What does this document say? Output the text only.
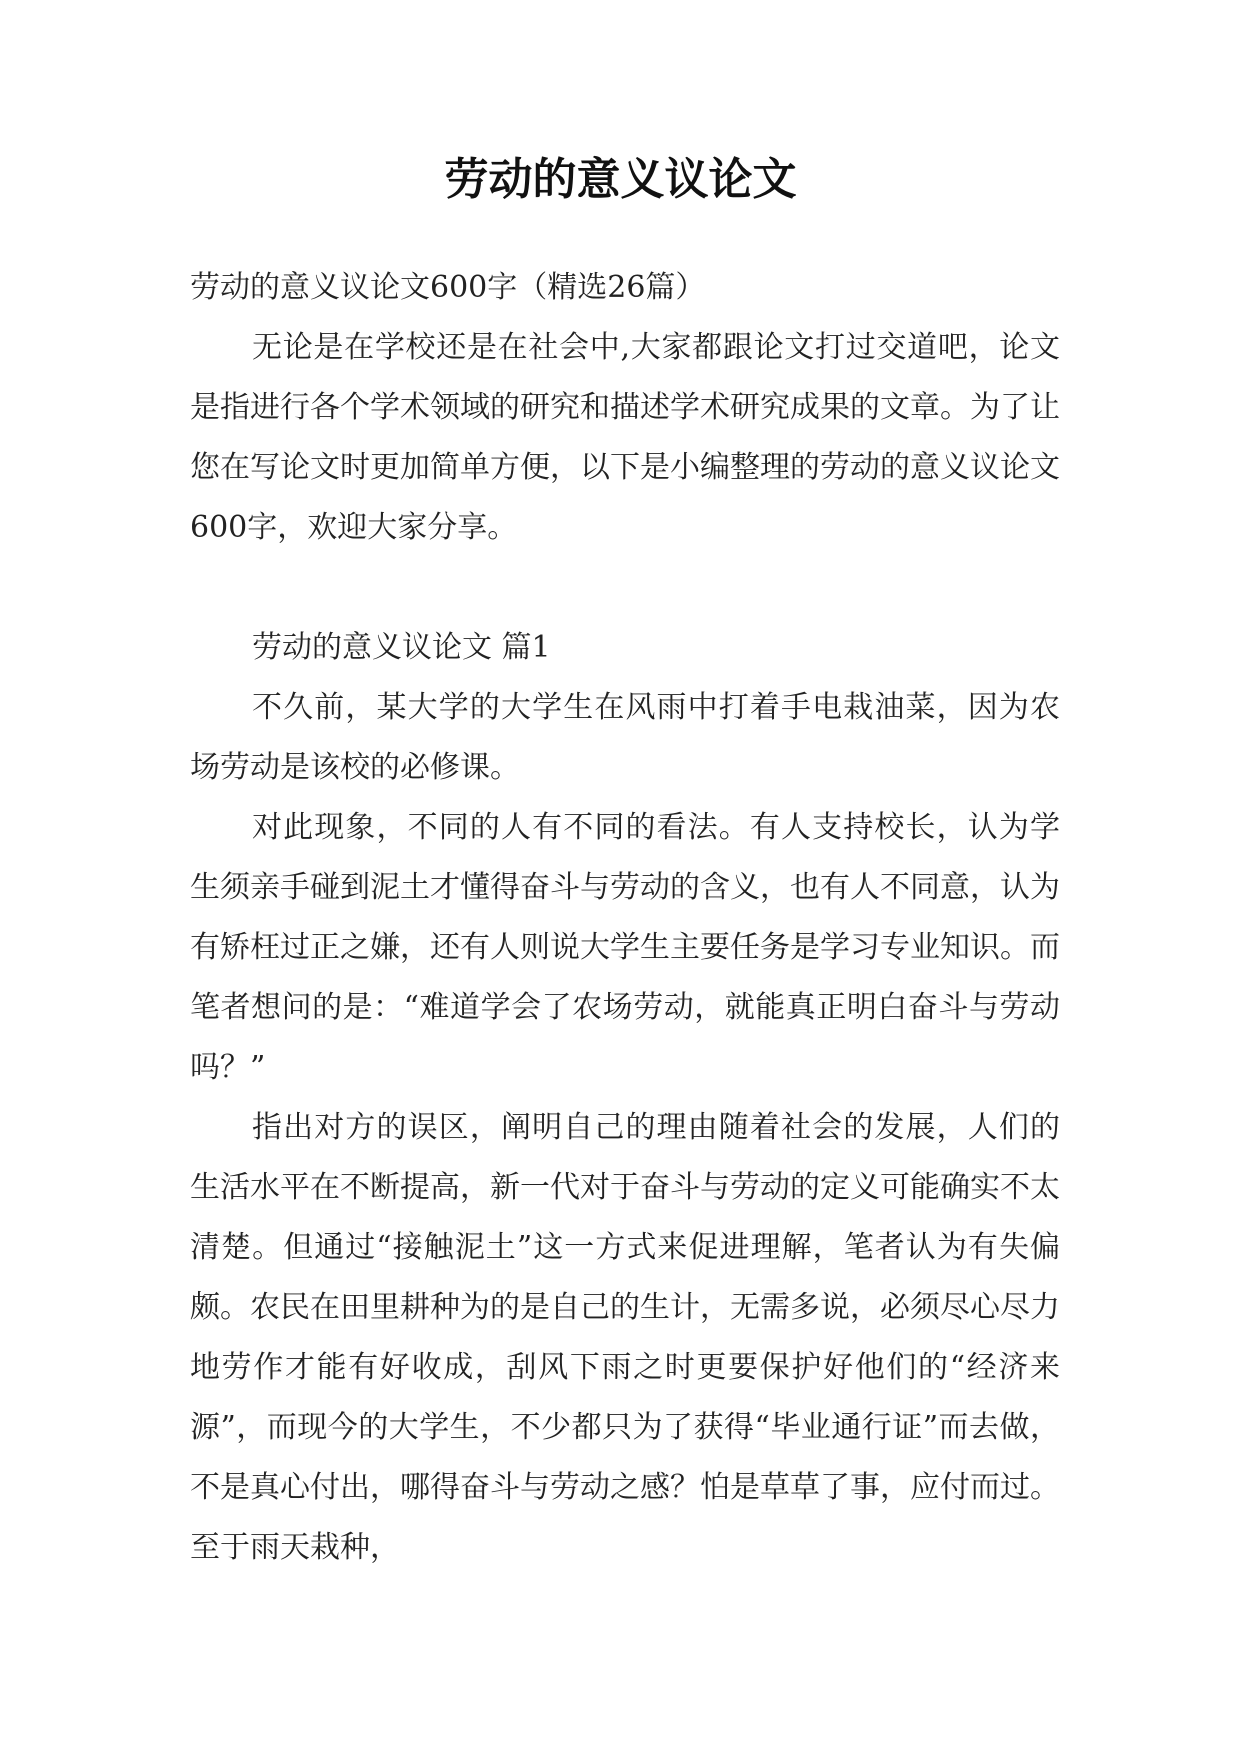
劳动的意义议论文

劳动的意义议论文600字（精选26篇）

无论是在学校还是在社会中,大家都跟论文打过交道吧，论文是指进行各个学术领域的研究和描述学术研究成果的文章。为了让您在写论文时更加简单方便，以下是小编整理的劳动的意义议论文600字，欢迎大家分享。

劳动的意义议论文 篇1

不久前，某大学的大学生在风雨中打着手电栽油菜，因为农场劳动是该校的必修课。

对此现象，不同的人有不同的看法。有人支持校长，认为学生须亲手碰到泥土才懂得奋斗与劳动的含义，也有人不同意，认为有矫枉过正之嫌，还有人则说大学生主要任务是学习专业知识。而笔者想问的是：“难道学会了农场劳动，就能真正明白奋斗与劳动吗？”

指出对方的误区，阐明自己的理由随着社会的发展，人们的生活水平在不断提高，新一代对于奋斗与劳动的定义可能确实不太清楚。但通过“接触泥土”这一方式来促进理解，笔者认为有失偏颇。农民在田里耕种为的是自己的生计，无需多说，必须尽心尽力地劳作才能有好收成，刮风下雨之时更要保护好他们的“经济来源”，而现今的大学生，不少都只为了获得“毕业通行证”而去做，不是真心付出，哪得奋斗与劳动之感？怕是草草了事，应付而过。至于雨天栽种，
